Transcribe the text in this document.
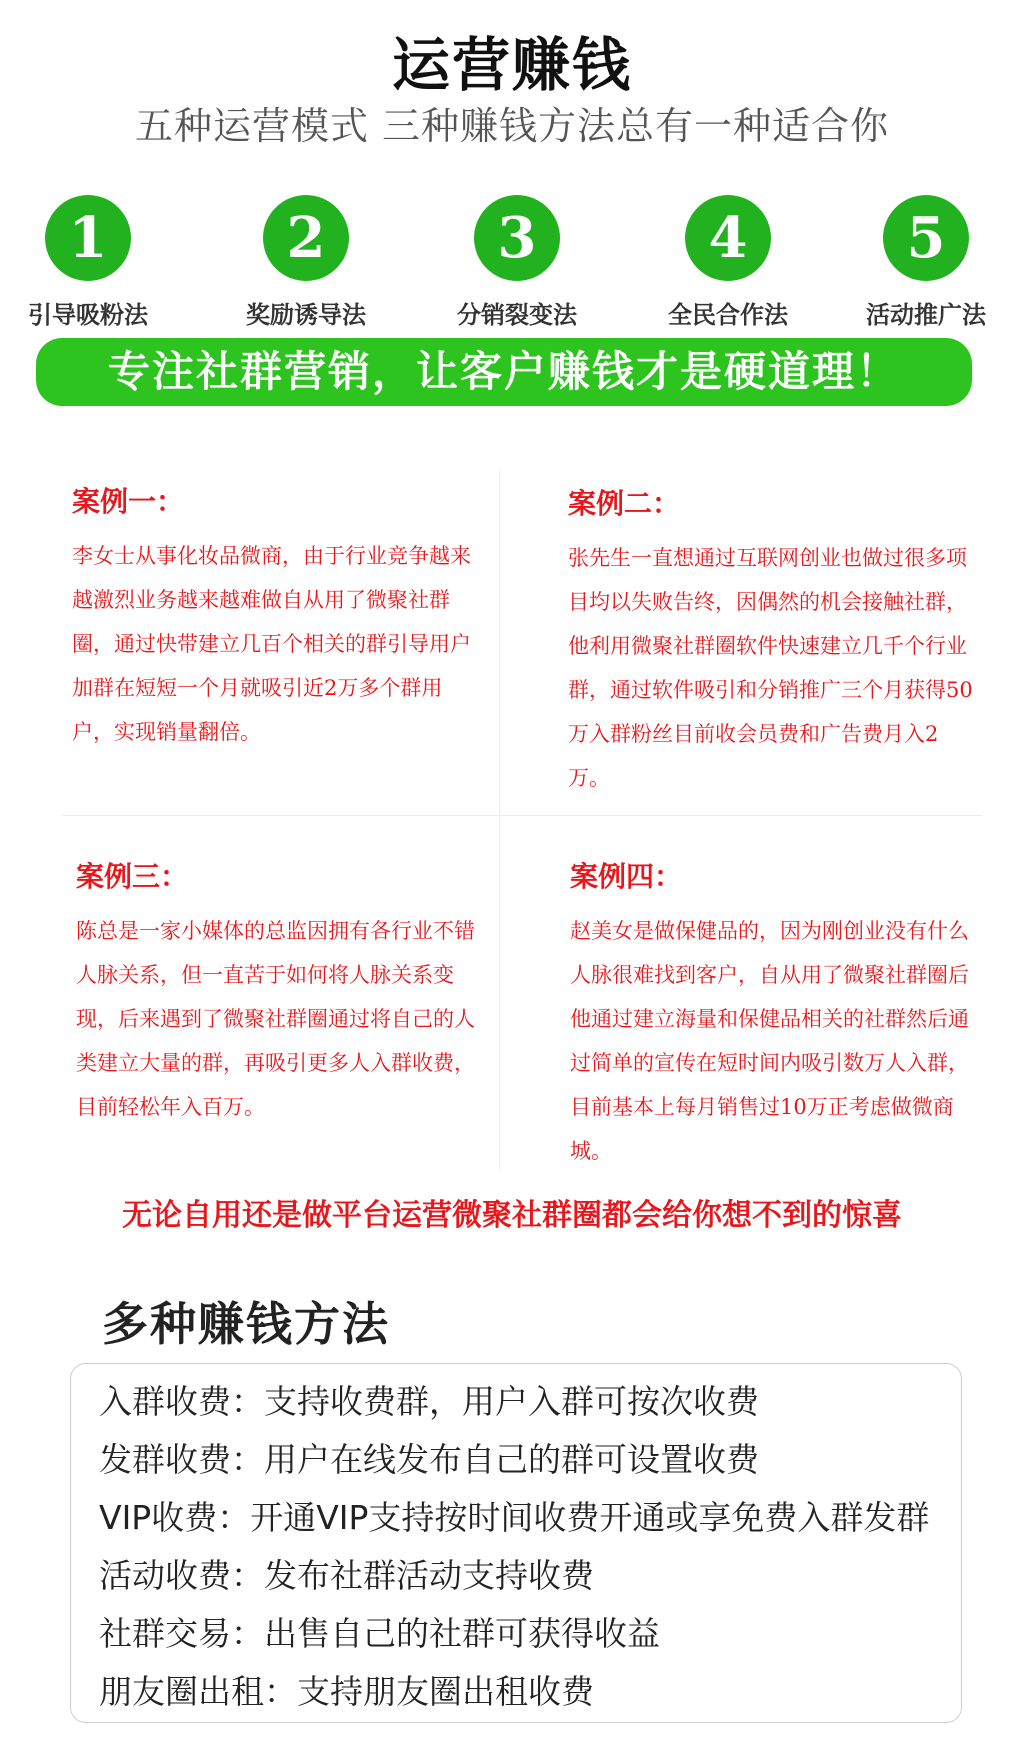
运营赚钱
五种运营模式 三种赚钱方法总有一种适合你
1
引导吸粉法
2
奖励诱导法
3
分销裂变法
4
全民合作法
5
活动推广法
专注社群营销，让客户赚钱才是硬道理！
案例一：
李女士从事化妆品微商，由于行业竞争越来越激烈业务越来越难做自从用了微聚社群圈，通过快带建立几百个相关的群引导用户加群在短短一个月就吸引近2万多个群用户，实现销量翻倍。
案例二：
张先生一直想通过互联网创业也做过很多项目均以失败告终，因偶然的机会接触社群，他利用微聚社群圈软件快速建立几千个行业群，通过软件吸引和分销推广三个月获得50万入群粉丝目前收会员费和广告费月入2万。
案例三：
陈总是一家小媒体的总监因拥有各行业不错人脉关系，但一直苦于如何将人脉关系变现，后来遇到了微聚社群圈通过将自己的人类建立大量的群，再吸引更多人入群收费，目前轻松年入百万。
案例四：
赵美女是做保健品的，因为刚创业没有什么人脉很难找到客户，自从用了微聚社群圈后他通过建立海量和保健品相关的社群然后通过简单的宣传在短时间内吸引数万人入群，目前基本上每月销售过10万正考虑做微商城。
无论自用还是做平台运营微聚社群圈都会给你想不到的惊喜
多种赚钱方法
入群收费：支持收费群，用户入群可按次收费
发群收费：用户在线发布自己的群可设置收费
VIP收费：开通VIP支持按时间收费开通或享免费入群发群
活动收费：发布社群活动支持收费
社群交易：出售自己的社群可获得收益
朋友圈出租：支持朋友圈出租收费
